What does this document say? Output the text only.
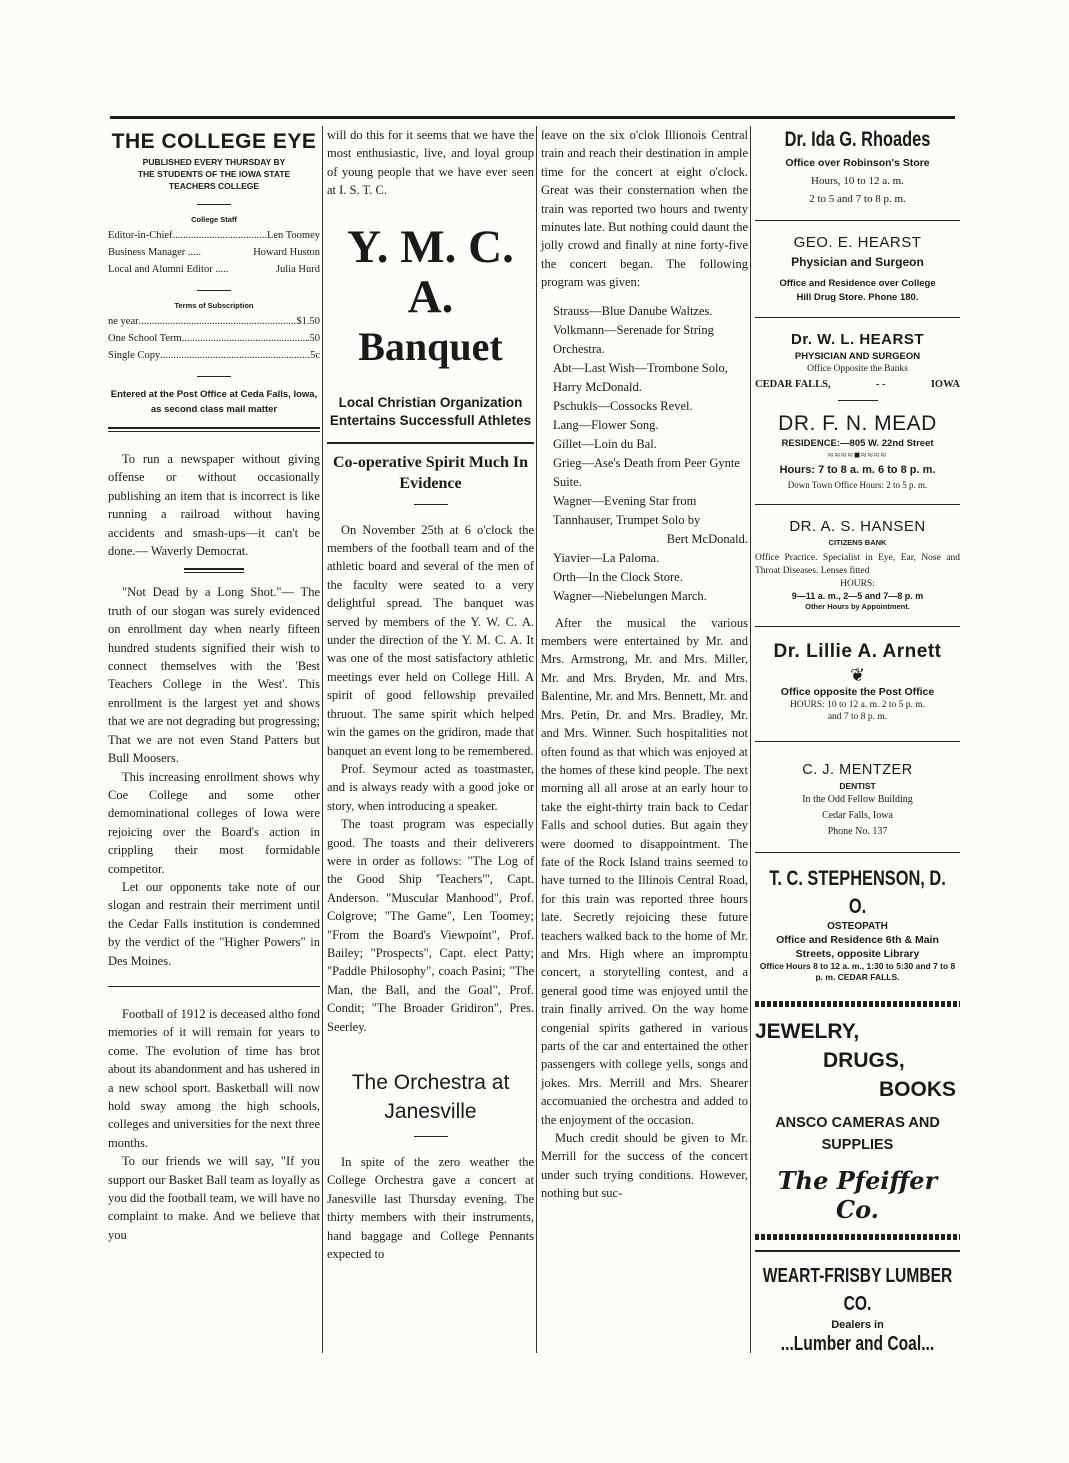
THE COLLEGE EYE
PUBLISHED EVERY THURSDAY BY
THE STUDENTS OF THE IOWA STATE
TEACHERS COLLEGE
College Staff
Editor-in-Chief .....	Len Toomey
Business Manager .....	Howard Huston
Local and Alumni Editor .....	Julia Hurd
Terms of Subscription
ne year .....	$1.50
One School Term .....	.50
Single Copy .....	.5c
Entered at the Post Office at Ceda Falls, Iowa, as second class mail matter

To run a newspaper without giving offense or without occasionally publishing an item that is incorrect is like running a railroad without having accidents and smash-ups—it can't be done.— Waverly Democrat.

"Not Dead by a Long Shot."— The truth of our slogan was surely evidenced on enrollment day when nearly fifteen hundred students signified their wish to connect themselves with the 'Best Teachers College in the West'. This enrollment is the largest yet and shows that we are not degrading but progressing; That we are not even Stand Patters but Bull Moosers.

This increasing enrollment shows why Coe College and some other demominational colleges of Iowa were rejoicing over the Board's action in crippling their most formidable competitor.

Let our opponents take note of our slogan and restrain their merriment until the Cedar Falls institution is condemned by the verdict of the "Higher Powers" in Des Moines.

Football of 1912 is deceased altho fond memories of it will remain for years to come. The evolution of time has brot about its abandonment and has ushered in a new school sport. Basketball will now hold sway among the high schools, colleges and universities for the next three months.

To our friends we will say, "If you support our Basket Ball team as loyally as you did the football team, we will have no complaint to make. And we believe that you

will do this for it seems that we have the most enthusiastic, live, and loyal group of young people that we have ever seen at I. S. T. C.

Y. M. C. A.
Banquet
Local Christian Organization Entertains Successfull Athletes
Co-operative Spirit Much In Evidence

On November 25th at 6 o'clock the members of the football team and of the athletic board and several of the men of the faculty were seated to a very delightful spread. The banquet was served by members of the Y. W. C. A. under the direction of the Y. M. C. A. It was one of the most satisfactory athletic meetings ever held on College Hill. A spirit of good fellowship prevailed thruout. The same spirit which helped win the games on the gridiron, made that banquet an event long to be remembered.

Prof. Seymour acted as toastmaster, and is always ready with a good joke or story, when introducing a speaker.

The toast program was especially good. The toasts and their deliverers were in order as follows: "The Log of the Good Ship 'Teachers'", Capt. Anderson. "Muscular Manhood", Prof. Colgrove; "The Game", Len Toomey; "From the Board's Viewpoint", Prof. Bailey; "Prospects", Capt. elect Patty; "Paddle Philosophy", coach Pasini; "The Man, the Ball, and the Goal", Prof. Condit; "The Broader Gridiron", Pres. Seerley.

The Orchestra at
Janesville

In spite of the zero weather the College Orchestra gave a concert at Janesville last Thursday evening. The thirty members with their instruments, hand baggage and College Pennants expected to

leave on the six o'clok Illionois Central train and reach their destination in ample time for the concert at eight o'clock. Great was their consternation when the train was reported two hours and twenty minutes late. But nothing could daunt the jolly crowd and finally at nine forty-five the concert began. The following program was given:

Strauss—Blue Danube Waltzes.

Volkmann—Serenade for String Orchestra.

Abt—Last Wish—Trombone Solo, Harry McDonald.

Pschukls—Cossocks Revel.

Lang—Flower Song.

Gillet—Loin du Bal.

Grieg—Ase's Death from Peer Gynte Suite.

Wagner—Evening Star from Tannhauser, Trumpet Solo by

Bert McDonald.

Yiavier—La Paloma.

Orth—In the Clock Store.

Wagner—Niebelungen March.

After the musical the various members were entertained by Mr. and Mrs. Armstrong, Mr. and Mrs. Miller, Mr. and Mrs. Bryden, Mr. and Mrs. Balentine, Mr. and Mrs. Bennett, Mr. and Mrs. Petin, Dr. and Mrs. Bradley, Mr. and Mrs. Winner. Such hospitalities not often found as that which was enjoyed at the homes of these kind people. The next morning all all arose at an early hour to take the eight-thirty train back to Cedar Falls and school duties. But again they were doomed to disappointment. The fate of the Rock Island trains seemed to have turned to the Illinois Central Road, for this train was reported three hours late. Secretly rejoicing these future teachers walked back to the home of Mr. and Mrs. High where an impromptu concert, a storytelling contest, and a general good time was enjoyed until the train finally arrived. On the way home congenial spirits gathered in various parts of the car and entertained the other passengers with college yells, songs and jokes. Mrs. Merrill and Mrs. Shearer accomuanied the orchestra and added to the enjoyment of the occasion.

Much credit should be given to Mr. Merrill for the success of the concert under such trying conditions. However, nothing but suc-

Dr. Ida G. Rhoades
Office over Robinson's Store
Hours, 10 to 12 a. m.
2 to 5 and 7 to 8 p. m.
GEO. E. HEARST
Physician and Surgeon
Office and Residence over College
Hill Drug Store. Phone 180.
Dr. W. L. HEARST
PHYSICIAN AND SURGEON
Office Opposite the Banks
CEDAR FALLS,	- -	IOWA
DR. F. N. MEAD
RESIDENCE:—805 W. 22nd Street
≈≈≈≈■≈≈≈≈
Hours: 7 to 8 a. m. 6 to 8 p. m.
Down Town Office Hours: 2 to 5 p. m.
DR. A. S. HANSEN
CITIZENS BANK
Office Practice. Specialist in Eye, Ear, Nose and Throat Diseases. Lenses fitted
HOURS:
9—11 a. m., 2—5 and 7—8 p. m
Other Hours by Appointment.
Dr. Lillie A. Arnett
❦
Office opposite the Post Office
HOURS: 10 to 12 a. m. 2 to 5 p. m.
and 7 to 8 p. m.
C. J. MENTZER
DENTIST
In the Odd Fellow Building
Cedar Falls, Iowa
Phone No. 137
T. C. STEPHENSON, D. O.
OSTEOPATH
Office and Residence 6th & Main
Streets, opposite Library
Office Hours 8 to 12 a. m., 1:30 to 5:30 and 7 to 8 p. m. CEDAR FALLS.
JEWELRY,
DRUGS,
BOOKS
ANSCO CAMERAS AND
SUPPLIES
The Pfeiffer Co.
WEART-FRISBY LUMBER CO.
Dealers in
...Lumber and Coal...
